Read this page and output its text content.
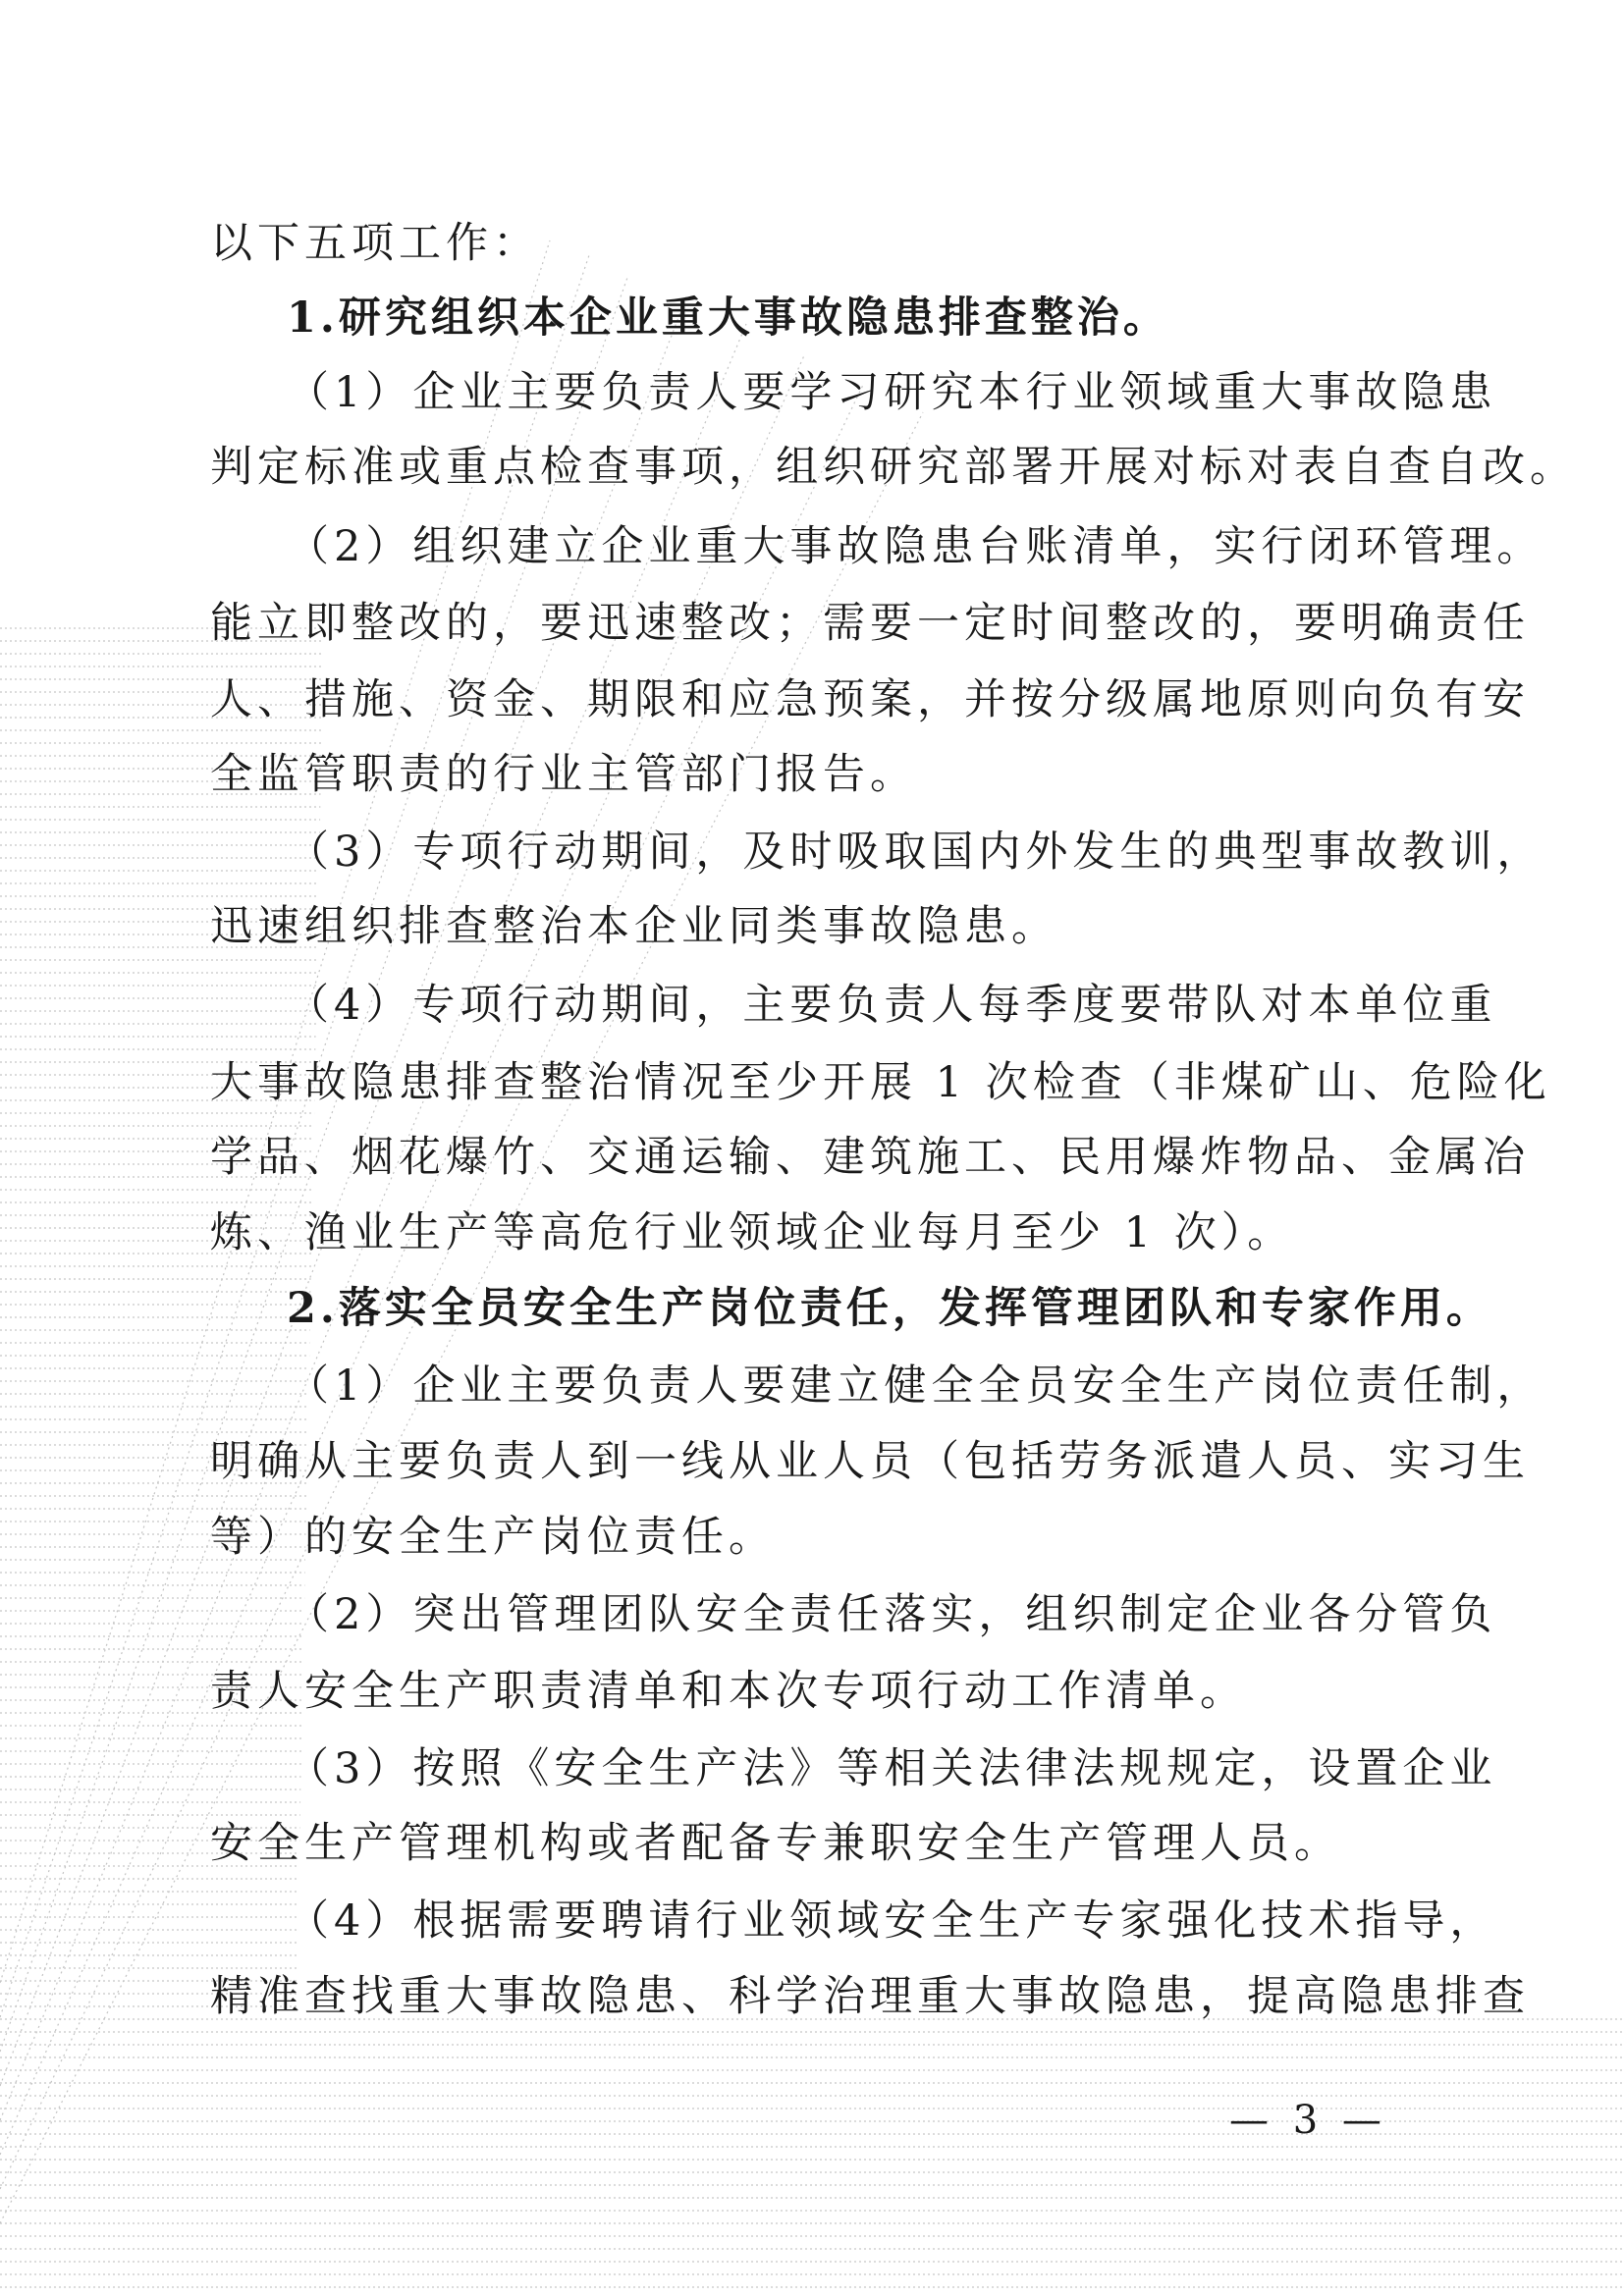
以下五项工作：
1.研究组织本企业重大事故隐患排查整治。
（1）企业主要负责人要学习研究本行业领域重大事故隐患
判定标准或重点检查事项，组织研究部署开展对标对表自查自改。
（2）组织建立企业重大事故隐患台账清单，实行闭环管理。
能立即整改的，要迅速整改；需要一定时间整改的，要明确责任
人、措施、资金、期限和应急预案，并按分级属地原则向负有安
全监管职责的行业主管部门报告。
（3）专项行动期间，及时吸取国内外发生的典型事故教训，
迅速组织排查整治本企业同类事故隐患。
（4）专项行动期间，主要负责人每季度要带队对本单位重
大事故隐患排查整治情况至少开展 1 次检查（非煤矿山、危险化
学品、烟花爆竹、交通运输、建筑施工、民用爆炸物品、金属冶
炼、渔业生产等高危行业领域企业每月至少 1 次）。
2.落实全员安全生产岗位责任，发挥管理团队和专家作用。
（1）企业主要负责人要建立健全全员安全生产岗位责任制，
明确从主要负责人到一线从业人员（包括劳务派遣人员、实习生
等）的安全生产岗位责任。
（2）突出管理团队安全责任落实，组织制定企业各分管负
责人安全生产职责清单和本次专项行动工作清单。
（3）按照《安全生产法》等相关法律法规规定，设置企业
安全生产管理机构或者配备专兼职安全生产管理人员。
（4）根据需要聘请行业领域安全生产专家强化技术指导，
精准查找重大事故隐患、科学治理重大事故隐患，提高隐患排查
— 3 —
